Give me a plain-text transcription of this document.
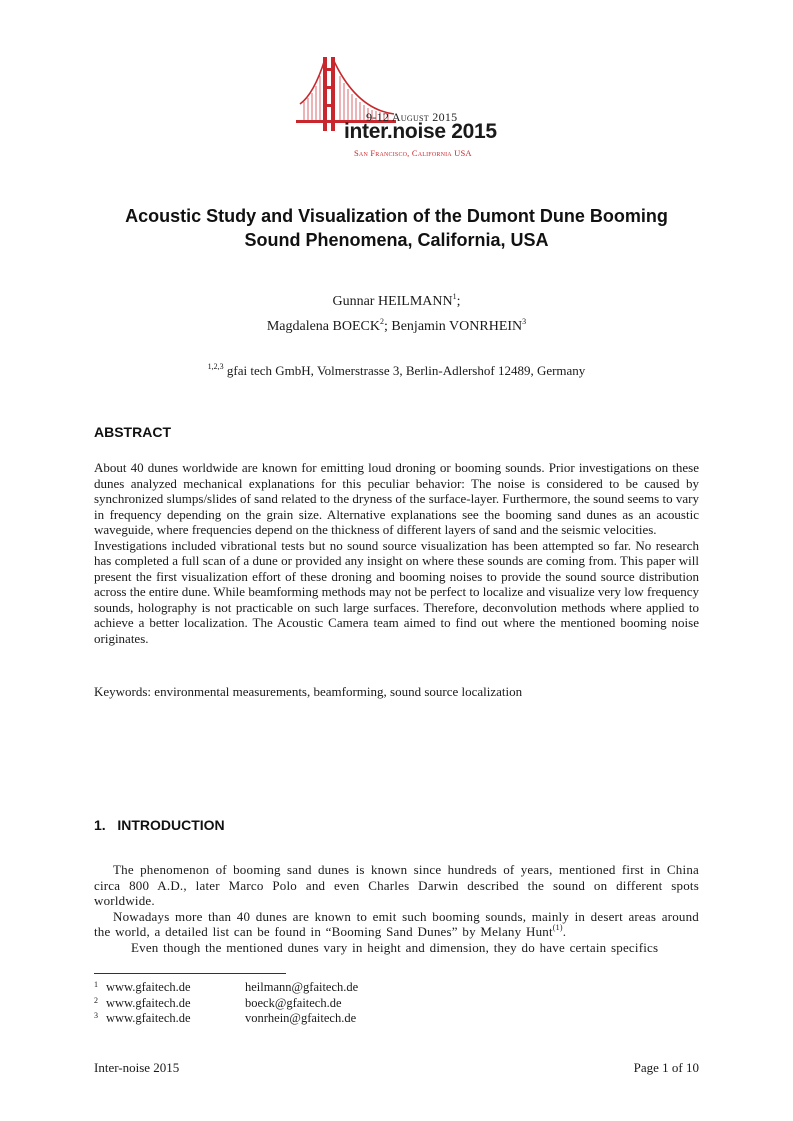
9-12 August 2015
inter.noise 2015
San Francisco, California USA
Acoustic Study and Visualization of the Dumont Dune Booming
Sound Phenomena, California, USA
Gunnar HEILMANN$^1$;
Magdalena BOECK$^2$; Benjamin VONRHEIN$^3$
$^{1,2,3}$ gfai tech GmbH, Volmerstrasse 3, Berlin-Adlershof 12489, Germany
ABSTRACT

About 40 dunes worldwide are known for emitting loud droning or booming sounds. Prior investigations on these dunes analyzed mechanical explanations for this peculiar behavior: The noise is considered to be caused by synchronized slumps/slides of sand related to the dryness of the surface-layer. Furthermore, the sound seems to vary in frequency depending on the grain size. Alternative explanations see the booming sand dunes as an acoustic waveguide, where frequencies depend on the thickness of different layers of sand and the seismic velocities.

Investigations included vibrational tests but no sound source visualization has been attempted so far. No research has completed a full scan of a dune or provided any insight on where these sounds are coming from. This paper will present the first visualization effort of these droning and booming noises to provide the sound source distribution across the entire dune. While beamforming methods may not be perfect to localize and visualize very low frequency sounds, holography is not practicable on such large surfaces. Therefore, deconvolution methods where applied to achieve a better localization. The Acoustic Camera team aimed to find out where the mentioned booming noise originates.

Keywords: environmental measurements, beamforming, sound source localization
1.   INTRODUCTION

The phenomenon of booming sand dunes is known since hundreds of years, mentioned first in China circa 800 A.D., later Marco Polo and even Charles Darwin described the sound on different spots worldwide.

Nowadays more than 40 dunes are known to emit such booming sounds, mainly in desert areas around the world, a detailed list can be found in “Booming Sand Dunes” by Melany Hunt$^{(1)}$.

Even though the mentioned dunes vary in height and dimension, they do have certain specifics

1 www.gfaitech.de	heilmann@gfaitech.de
2 www.gfaitech.de	boeck@gfaitech.de
3 www.gfaitech.de	vonrhein@gfaitech.de
Inter-noise 2015	Page 1 of 10
